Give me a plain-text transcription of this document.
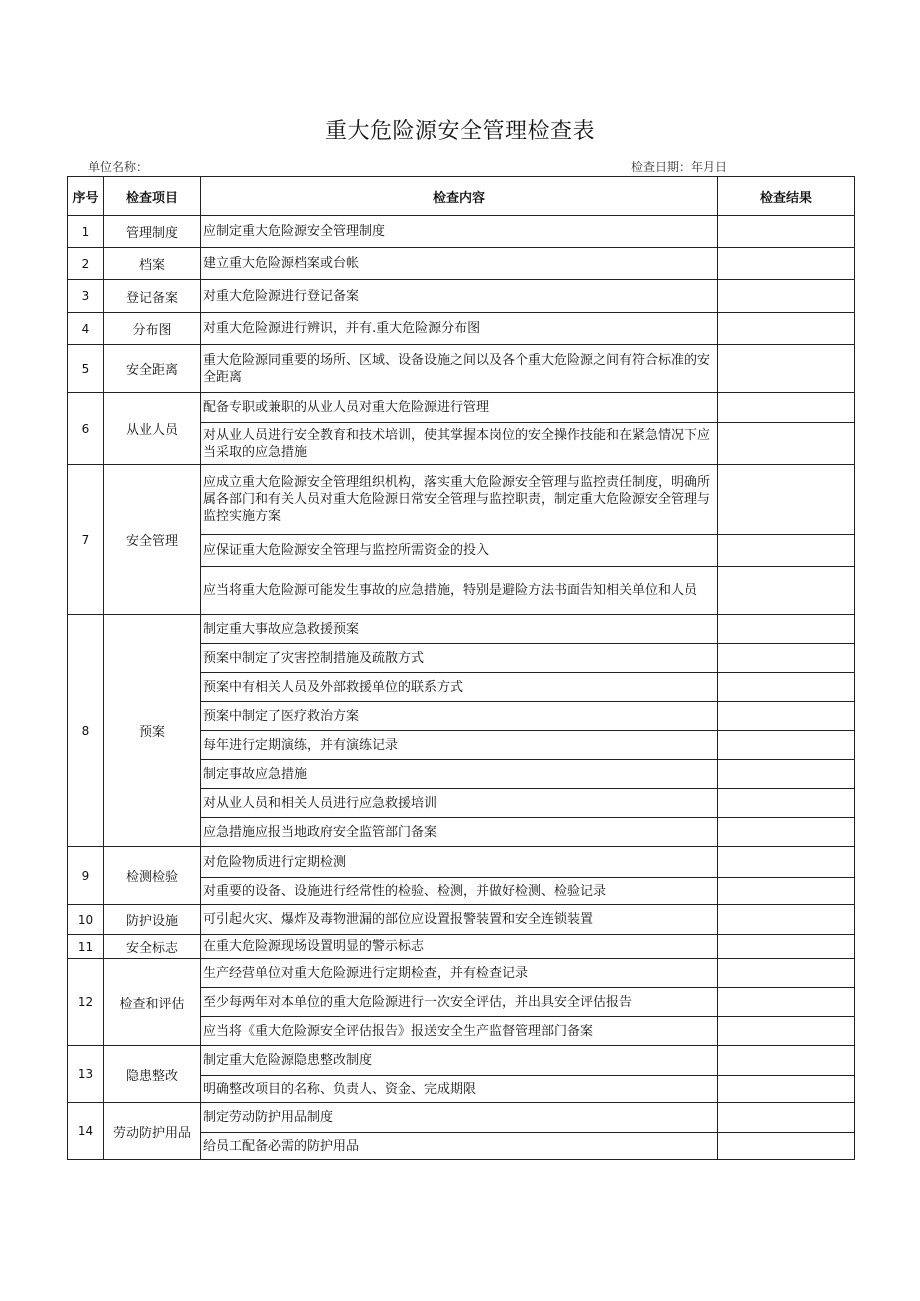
重大危险源安全管理检查表
单位名称：	检查日期：年月日
序号	检查项目	检查内容	检查结果
1	管理制度	应制定重大危险源安全管理制度	
2	档案	建立重大危险源档案或台帐	
3	登记备案	对重大危险源进行登记备案	
4	分布图	对重大危险源进行辨识，并有.重大危险源分布图	
5	安全距离	重大危险源同重要的场所、区域、设备设施之间以及各个重大危险源之间有符合标准的安全距离	
6	从业人员	配备专职或兼职的从业人员对重大危险源进行管理	
		对从业人员进行安全教育和技术培训，使其掌握本岗位的安全操作技能和在紧急情况下应当采取的应急措施	
7	安全管理	应成立重大危险源安全管理组织机构，落实重大危险源安全管理与监控责任制度，明确所属各部门和有关人员对重大危险源日常安全管理与监控职责，制定重大危险源安全管理与监控实施方案	
		应保证重大危险源安全管理与监控所需资金的投入	
		应当将重大危险源可能发生事故的应急措施，特别是避险方法书面告知相关单位和人员	
8	预案	制定重大事故应急救援预案	
		预案中制定了灾害控制措施及疏散方式	
		预案中有相关人员及外部救援单位的联系方式	
		预案中制定了医疗救治方案	
		每年进行定期演练，并有演练记录	
		制定事故应急措施	
		对从业人员和相关人员进行应急救援培训	
		应急措施应报当地政府安全监管部门备案	
9	检测检验	对危险物质进行定期检测	
		对重要的设备、设施进行经常性的检验、检测，并做好检测、检验记录	
10	防护设施	可引起火灾、爆炸及毒物泄漏的部位应设置报警装置和安全连锁装置	
11	安全标志	在重大危险源现场设置明显的警示标志	
12	检查和评估	生产经营单位对重大危险源进行定期检查，并有检查记录	
		至少每两年对本单位的重大危险源进行一次安全评估，并出具安全评估报告	
		应当将《重大危险源安全评估报告》报送安全生产监督管理部门备案	
13	隐患整改	制定重大危险源隐患整改制度	
		明确整改项目的名称、负责人、资金、完成期限	
14	劳动防护用品	制定劳动防护用品制度	
		给员工配备必需的防护用品	
